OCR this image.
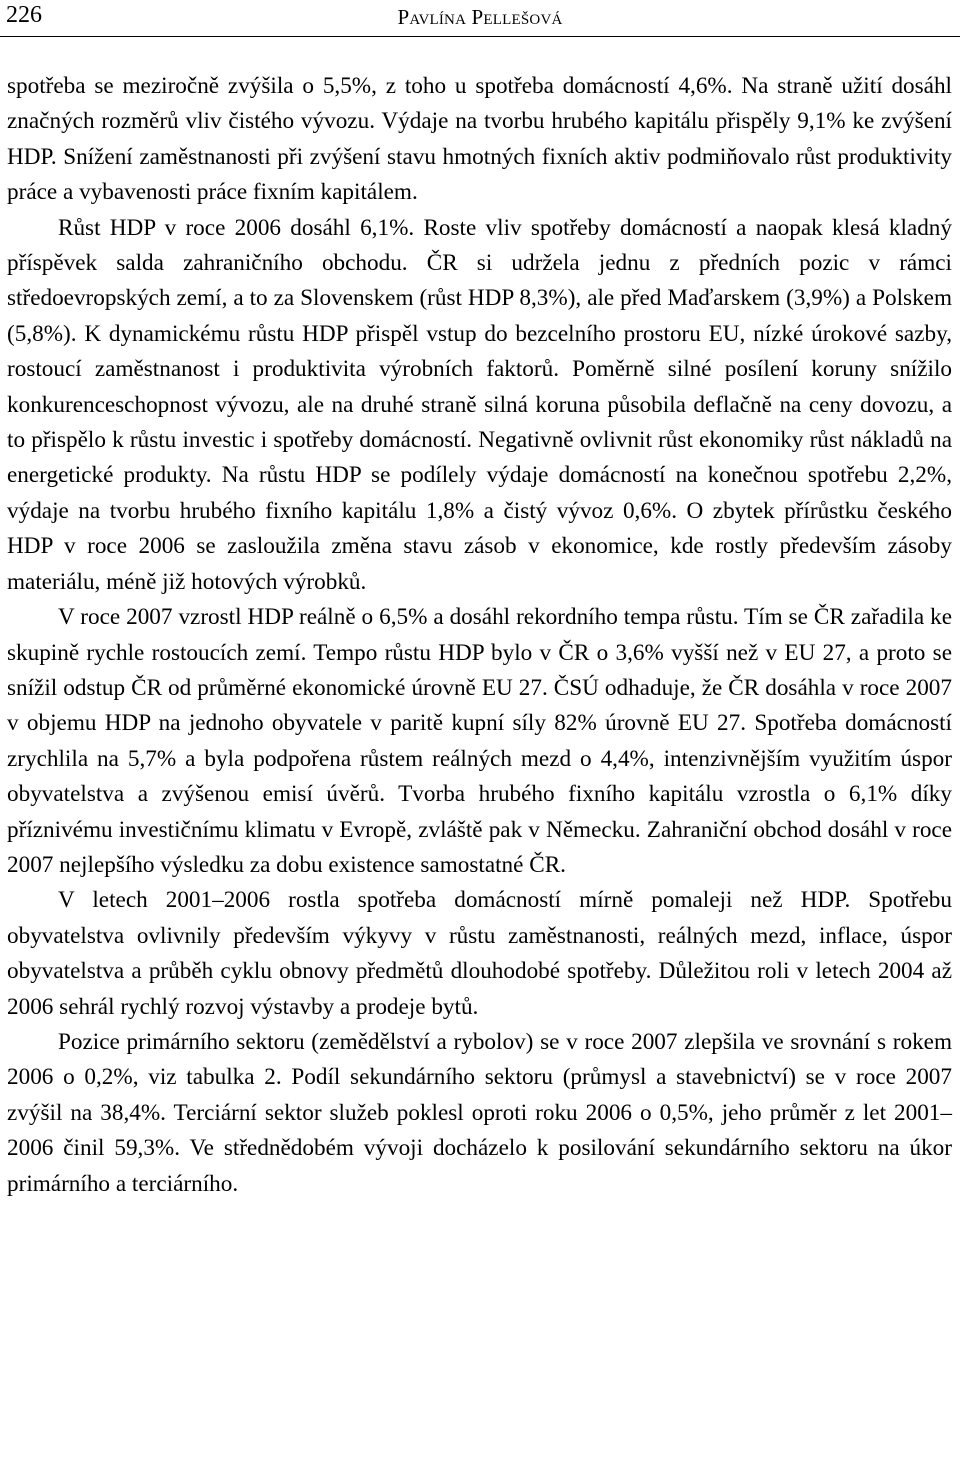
226	Pavlína Pellešová

spotřeba se meziročně zvýšila o 5,5%, z toho u spotřeba domácností 4,6%. Na straně užití dosáhl značných rozměrů vliv čistého vývozu. Výdaje na tvorbu hrubého kapitálu přispěly 9,1% ke zvýšení HDP. Snížení zaměstnanosti při zvýšení stavu hmotných fixních aktiv podmiňovalo růst produktivity práce a vybavenosti práce fixním kapitálem.

Růst HDP v roce 2006 dosáhl 6,1%. Roste vliv spotřeby domácností a naopak klesá kladný příspěvek salda zahraničního obchodu. ČR si udržela jednu z předních pozic v rámci středoevropských zemí, a to za Slovenskem (růst HDP 8,3%), ale před Maďarskem (3,9%) a Polskem (5,8%). K dynamickému růstu HDP přispěl vstup do bezcelního prostoru EU, nízké úrokové sazby, rostoucí zaměstnanost i produktivita výrobních faktorů. Poměrně silné posílení koruny snížilo konkurenceschopnost vývozu, ale na druhé straně silná koruna působila deflačně na ceny dovozu, a to přispělo k růstu investic i spotřeby domácností. Negativně ovlivnit růst ekonomiky růst nákladů na energetické produkty. Na růstu HDP se podílely výdaje domácností na konečnou spotřebu 2,2%, výdaje na tvorbu hrubého fixního kapitálu 1,8% a čistý vývoz 0,6%. O zbytek přírůstku českého HDP v roce 2006 se zasloužila změna stavu zásob v ekonomice, kde rostly především zásoby materiálu, méně již hotových výrobků.

V roce 2007 vzrostl HDP reálně o 6,5% a dosáhl rekordního tempa růstu. Tím se ČR zařadila ke skupině rychle rostoucích zemí. Tempo růstu HDP bylo v ČR o 3,6% vyšší než v EU 27, a proto se snížil odstup ČR od průměrné ekonomické úrovně EU 27. ČSÚ odhaduje, že ČR dosáhla v roce 2007 v objemu HDP na jednoho obyvatele v paritě kupní síly 82% úrovně EU 27. Spotřeba domácností zrychlila na 5,7% a byla podpořena růstem reálných mezd o 4,4%, intenzivnějším využitím úspor obyvatelstva a zvýšenou emisí úvěrů. Tvorba hrubého fixního kapitálu vzrostla o 6,1% díky příznivému investičnímu klimatu v Evropě, zvláště pak v Německu. Zahraniční obchod dosáhl v roce 2007 nejlepšího výsledku za dobu existence samostatné ČR.

V letech 2001–2006 rostla spotřeba domácností mírně pomaleji než HDP. Spotřebu obyvatelstva ovlivnily především výkyvy v růstu zaměstnanosti, reálných mezd, inflace, úspor obyvatelstva a průběh cyklu obnovy předmětů dlouhodobé spotřeby. Důležitou roli v letech 2004 až 2006 sehrál rychlý rozvoj výstavby a prodeje bytů.

Pozice primárního sektoru (zemědělství a rybolov) se v roce 2007 zlepšila ve srovnání s rokem 2006 o 0,2%, viz tabulka 2. Podíl sekundárního sektoru (průmysl a stavebnictví) se v roce 2007 zvýšil na 38,4%. Terciární sektor služeb poklesl oproti roku 2006 o 0,5%, jeho průměr z let 2001–2006 činil 59,3%. Ve střednědobém vývoji docházelo k posilování sekundárního sektoru na úkor primárního a terciárního.
